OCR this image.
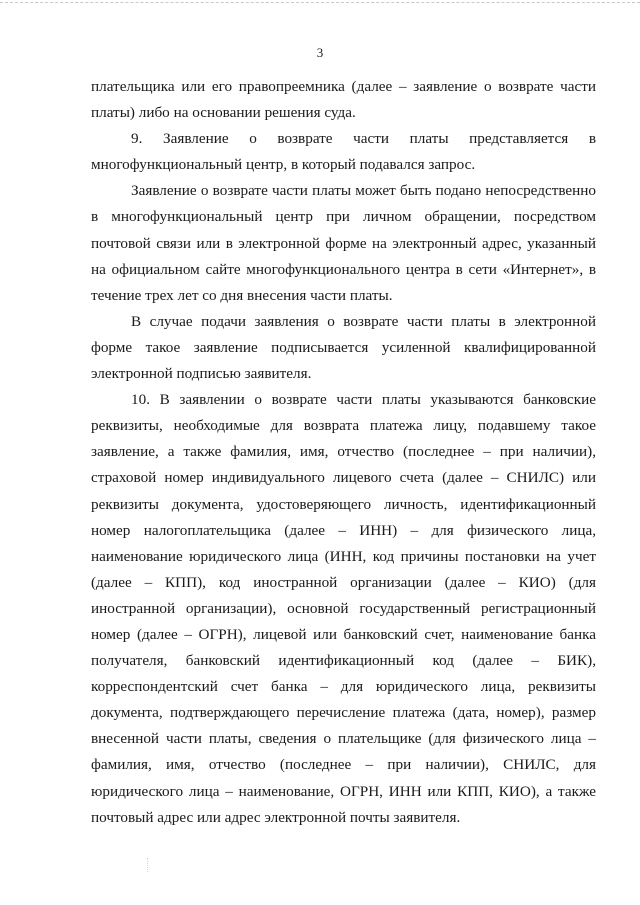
3

плательщика или его правопреемника (далее – заявление о возврате части платы) либо на основании решения суда.

9. Заявление о возврате части платы представляется в многофункциональный центр, в который подавался запрос.

Заявление о возврате части платы может быть подано непосредственно в многофункциональный центр при личном обращении, посредством почтовой связи или в электронной форме на электронный адрес, указанный на официальном сайте многофункционального центра в сети «Интернет», в течение трех лет со дня внесения части платы.

В случае подачи заявления о возврате части платы в электронной форме такое заявление подписывается усиленной квалифицированной электронной подписью заявителя.

10. В заявлении о возврате части платы указываются банковские реквизиты, необходимые для возврата платежа лицу, подавшему такое заявление, а также фамилия, имя, отчество (последнее – при наличии), страховой номер индивидуального лицевого счета (далее – СНИЛС) или реквизиты документа, удостоверяющего личность, идентификационный номер налогоплательщика (далее – ИНН) – для физического лица, наименование юридического лица (ИНН, код причины постановки на учет (далее – КПП), код иностранной организации (далее – КИО) (для иностранной организации), основной государственный регистрационный номер (далее – ОГРН), лицевой или банковский счет, наименование банка получателя, банковский идентификационный код (далее – БИК), корреспондентский счет банка – для юридического лица, реквизиты документа, подтверждающего перечисление платежа (дата, номер), размер внесенной части платы, сведения о плательщике (для физического лица – фамилия, имя, отчество (последнее – при наличии), СНИЛС, для юридического лица – наименование, ОГРН, ИНН или КПП, КИО), а также почтовый адрес или адрес электронной почты заявителя.
